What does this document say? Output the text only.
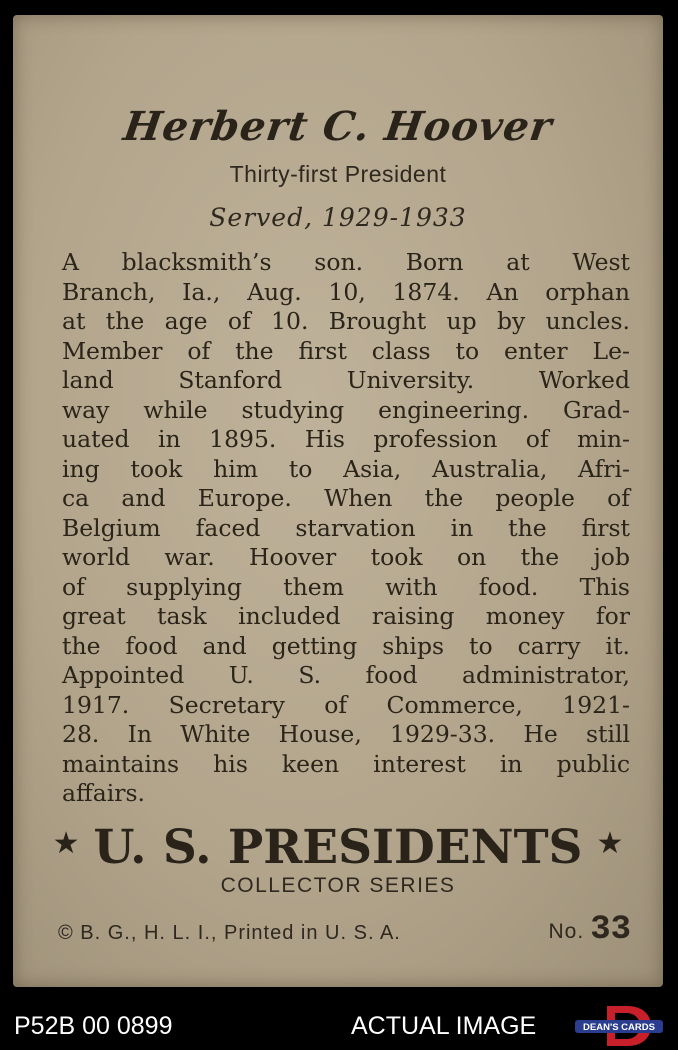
Herbert C. Hoover
Thirty-first President
Served, 1929-1933
A blacksmith’s son. Born at West
Branch, Ia., Aug. 10, 1874. An orphan
at the age of 10. Brought up by uncles.
Member of the first class to enter Le-
land Stanford University. Worked
way while studying engineering. Grad-
uated in 1895. His profession of min-
ing took him to Asia, Australia, Afri-
ca and Europe. When the people of
Belgium faced starvation in the first
world war. Hoover took on the job
of supplying them with food. This
great task included raising money for
the food and getting ships to carry it.
Appointed U. S. food administrator,
1917. Secretary of Commerce, 1921-
28. In White House, 1929-33. He still
maintains his keen interest in public
affairs.
★ U. S. PRESIDENTS ★
COLLECTOR SERIES
© B. G., H. L. I., Printed in U. S. A.	No. 33
P52B 00 0899	ACTUAL IMAGE	DEAN'S CARDS
